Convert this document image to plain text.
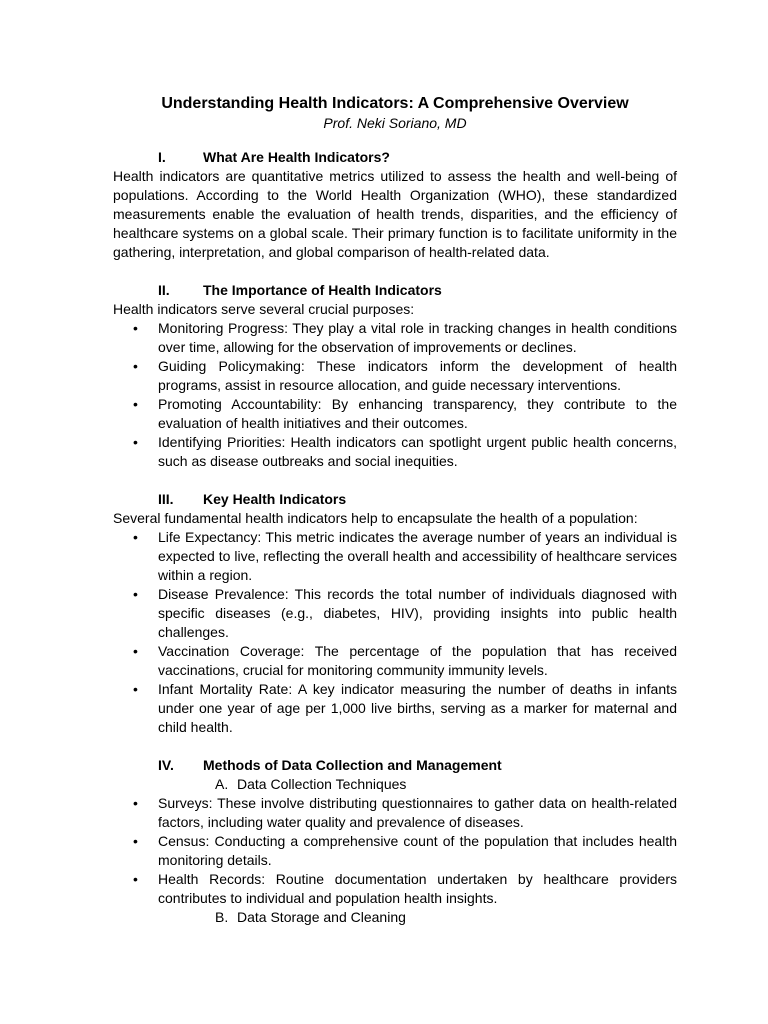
Understanding Health Indicators: A Comprehensive Overview

Prof. Neki Soriano, MD

I.	What Are Health Indicators?

Health indicators are quantitative metrics utilized to assess the health and well-being of populations. According to the World Health Organization (WHO), these standardized measurements enable the evaluation of health trends, disparities, and the efficiency of healthcare systems on a global scale. Their primary function is to facilitate uniformity in the gathering, interpretation, and global comparison of health-related data.

II.	The Importance of Health Indicators

Health indicators serve several crucial purposes:

• Monitoring Progress: They play a vital role in tracking changes in health conditions over time, allowing for the observation of improvements or declines.
• Guiding Policymaking: These indicators inform the development of health programs, assist in resource allocation, and guide necessary interventions.
• Promoting Accountability: By enhancing transparency, they contribute to the evaluation of health initiatives and their outcomes.
• Identifying Priorities: Health indicators can spotlight urgent public health concerns, such as disease outbreaks and social inequities.
III.	Key Health Indicators

Several fundamental health indicators help to encapsulate the health of a population:

• Life Expectancy: This metric indicates the average number of years an individual is expected to live, reflecting the overall health and accessibility of healthcare services within a region.
• Disease Prevalence: This records the total number of individuals diagnosed with specific diseases (e.g., diabetes, HIV), providing insights into public health challenges.
• Vaccination Coverage: The percentage of the population that has received vaccinations, crucial for monitoring community immunity levels.
• Infant Mortality Rate: A key indicator measuring the number of deaths in infants under one year of age per 1,000 live births, serving as a marker for maternal and child health.
IV.	Methods of Data Collection and Management
A. Data Collection Techniques
• Surveys: These involve distributing questionnaires to gather data on health-related factors, including water quality and prevalence of diseases.
• Census: Conducting a comprehensive count of the population that includes health monitoring details.
• Health Records: Routine documentation undertaken by healthcare providers contributes to individual and population health insights.
B. Data Storage and Cleaning
